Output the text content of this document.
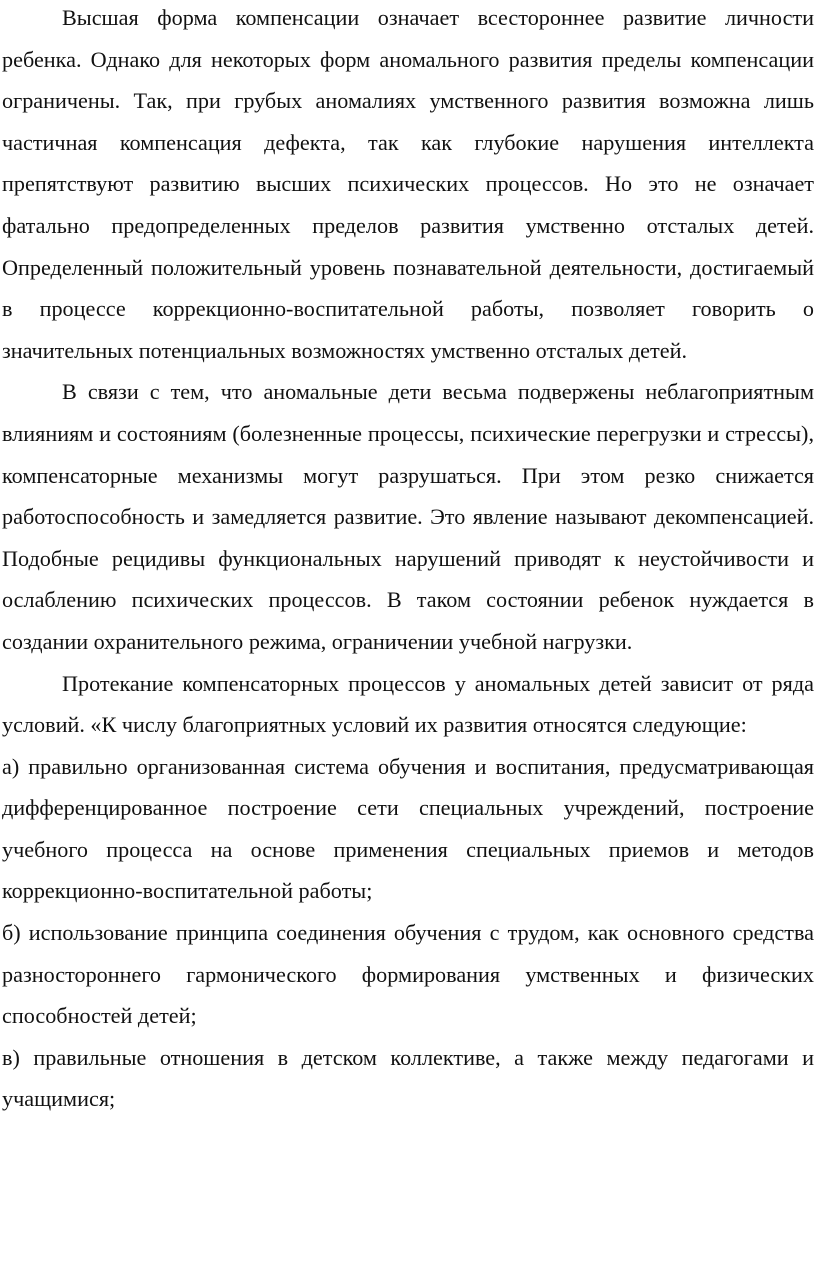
Высшая форма компенсации означает всестороннее развитие личности ребенка. Однако для некоторых форм аномального развития пределы компенсации ограничены. Так, при грубых аномалиях умственного развития возможна лишь частичная компенсация дефекта, так как глубокие нарушения интеллекта препятствуют развитию высших психических процессов. Но это не означает фатально предопределенных пределов развития умственно отсталых детей. Определенный положительный уровень познавательной деятельности, достигаемый в процессе коррекционно-воспитательной работы, позволяет говорить о значительных потенциальных возможностях умственно отсталых детей.

В связи с тем, что аномальные дети весьма подвержены неблагоприятным влияниям и состояниям (болезненные процессы, психические перегрузки и стрессы), компенсаторные механизмы могут разрушаться. При этом резко снижается работоспособность и замедляется развитие. Это явление называют декомпенсацией. Подобные рецидивы функциональных нарушений приводят к неустойчивости и ослаблению психических процессов. В таком состоянии ребенок нуждается в создании охранительного режима, ограничении учебной нагрузки.

Протекание компенсаторных процессов у аномальных детей зависит от ряда условий. «К числу благоприятных условий их развития относятся следующие:

а) правильно организованная система обучения и воспитания, предусматривающая дифференцированное построение сети специальных учреждений, построение учебного процесса на основе применения специальных приемов и методов коррекционно-воспитательной работы;

б) использование принципа соединения обучения с трудом, как основного средства разностороннего гармонического формирования умственных и физических способностей детей;

в) правильные отношения в детском коллективе, а также между педагогами и учащимися;
